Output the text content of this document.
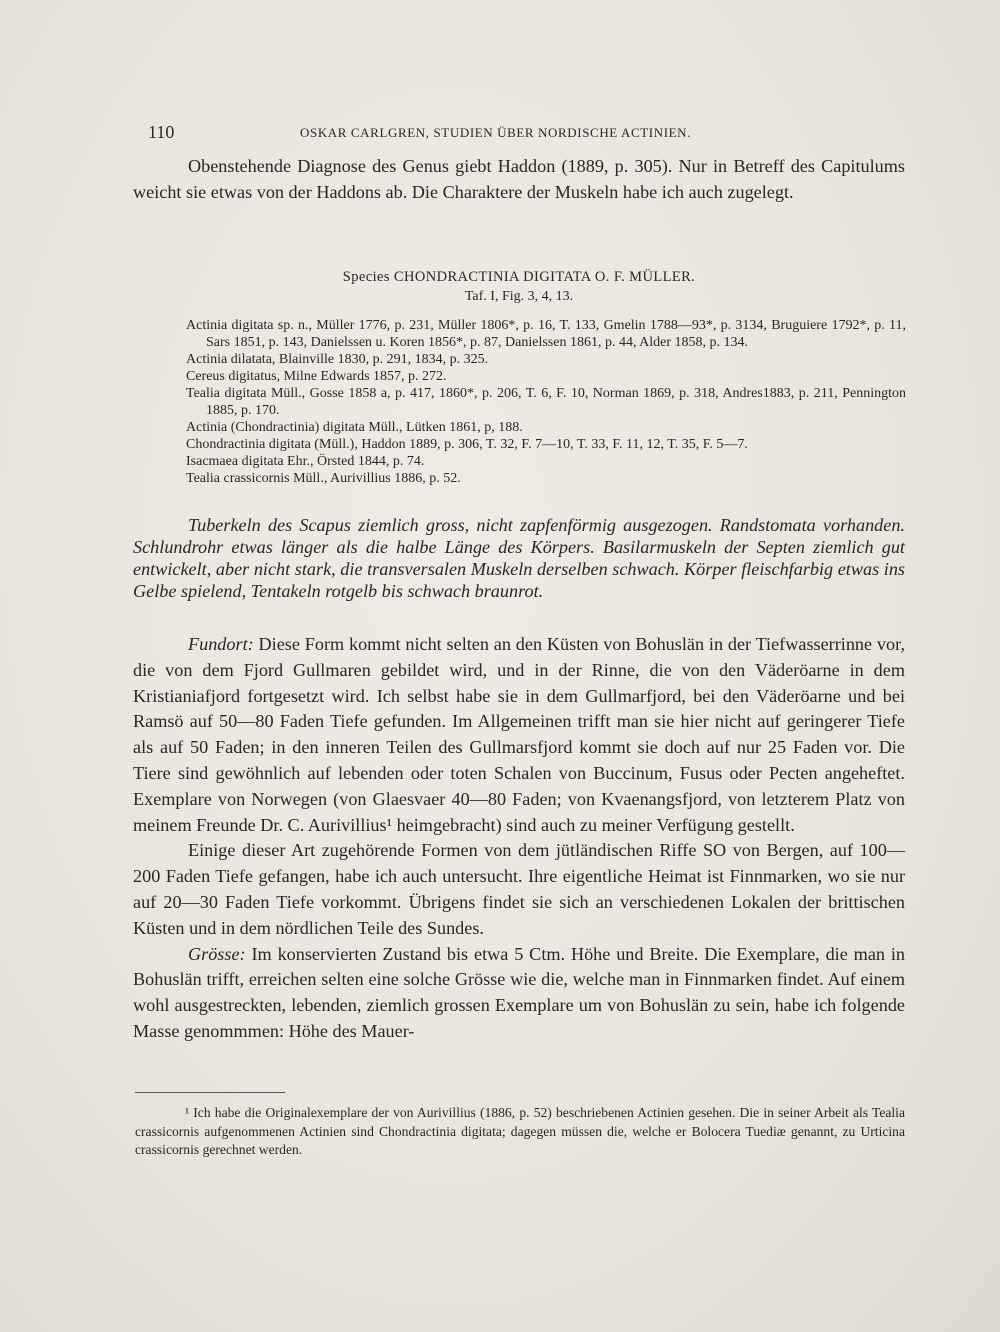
110	OSKAR CARLGREN, STUDIEN ÜBER NORDISCHE ACTINIEN.

Obenstehende Diagnose des Genus giebt Haddon (1889, p. 305). Nur in Betreff des Capitulums weicht sie etwas von der Haddons ab. Die Charaktere der Muskeln habe ich auch zugelegt.

Species CHONDRACTINIA DIGITATA O. F. MÜLLER.

Taf. I, Fig. 3, 4, 13.

Actinia digitata sp. n., Müller 1776, p. 231, Müller 1806*, p. 16, T. 133, Gmelin 1788—93*, p. 3134, Bruguiere 1792*, p. 11, Sars 1851, p. 143, Danielssen u. Koren 1856*, p. 87, Danielssen 1861, p. 44, Alder 1858, p. 134.

Actinia dilatata, Blainville 1830, p. 291, 1834, p. 325.

Cereus digitatus, Milne Edwards 1857, p. 272.

Tealia digitata Müll., Gosse 1858 a, p. 417, 1860*, p. 206, T. 6, F. 10, Norman 1869, p. 318, Andres1883, p. 211, Pennington 1885, p. 170.

Actinia (Chondractinia) digitata Müll., Lütken 1861, p, 188.

Chondractinia digitata (Müll.), Haddon 1889, p. 306, T. 32, F. 7—10, T. 33, F. 11, 12, T. 35, F. 5—7.

Isacmaea digitata Ehr., Örsted 1844, p. 74.

Tealia crassicornis Müll., Aurivillius 1886, p. 52.

Tuberkeln des Scapus ziemlich gross, nicht zapfenförmig ausgezogen. Randstomata vorhanden. Schlundrohr etwas länger als die halbe Länge des Körpers. Basilarmuskeln der Septen ziemlich gut entwickelt, aber nicht stark, die transversalen Muskeln derselben schwach. Körper fleischfarbig etwas ins Gelbe spielend, Tentakeln rotgelb bis schwach braunrot.

Fundort: Diese Form kommt nicht selten an den Küsten von Bohuslän in der Tiefwasserrinne vor, die von dem Fjord Gullmaren gebildet wird, und in der Rinne, die von den Väderöarne in dem Kristianiafjord fortgesetzt wird. Ich selbst habe sie in dem Gullmarfjord, bei den Väderöarne und bei Ramsö auf 50—80 Faden Tiefe gefunden. Im Allgemeinen trifft man sie hier nicht auf geringerer Tiefe als auf 50 Faden; in den inneren Teilen des Gullmarsfjord kommt sie doch auf nur 25 Faden vor. Die Tiere sind gewöhnlich auf lebenden oder toten Schalen von Buccinum, Fusus oder Pecten angeheftet. Exemplare von Norwegen (von Glaesvaer 40—80 Faden; von Kvaenangsfjord, von letzterem Platz von meinem Freunde Dr. C. Aurivillius¹ heimgebracht) sind auch zu meiner Verfügung gestellt.

Einige dieser Art zugehörende Formen von dem jütländischen Riffe SO von Bergen, auf 100—200 Faden Tiefe gefangen, habe ich auch untersucht. Ihre eigentliche Heimat ist Finnmarken, wo sie nur auf 20—30 Faden Tiefe vorkommt. Übrigens findet sie sich an verschiedenen Lokalen der brittischen Küsten und in dem nördlichen Teile des Sundes.

Grösse: Im konservierten Zustand bis etwa 5 Ctm. Höhe und Breite. Die Exemplare, die man in Bohuslän trifft, erreichen selten eine solche Grösse wie die, welche man in Finnmarken findet. Auf einem wohl ausgestreckten, lebenden, ziemlich grossen Exemplare um von Bohuslän zu sein, habe ich folgende Masse genommmen: Höhe des Mauer-

¹ Ich habe die Originalexemplare der von Aurivillius (1886, p. 52) beschriebenen Actinien gesehen. Die in seiner Arbeit als Tealia crassicornis aufgenommenen Actinien sind Chondractinia digitata; dagegen müssen die, welche er Bolocera Tuediæ genannt, zu Urticina crassicornis gerechnet werden.
